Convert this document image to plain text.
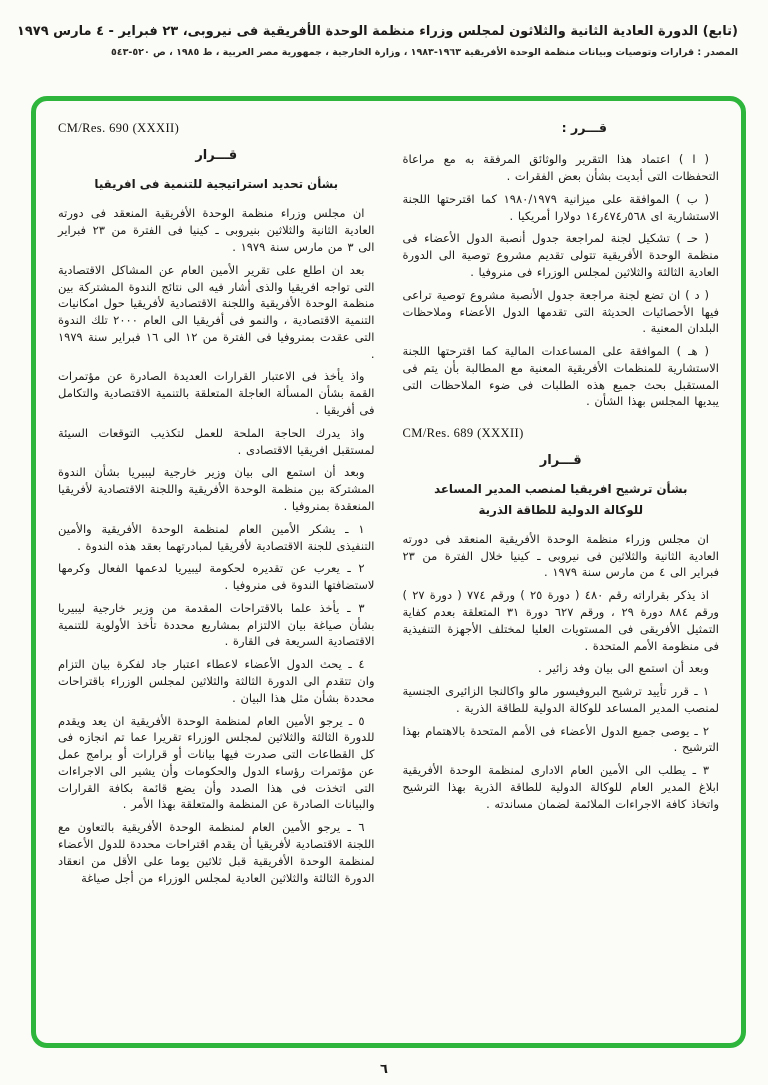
(تابع) الدورة العادية الثانية والثلاثون لمجلس وزراء منظمة الوحدة الأفريقية فى نيروبى، ٢٣ فبراير - ٤ مارس ١٩٧٩
المصدر : قرارات وتوصيات وبيانات منظمة الوحدة الأفريقية ١٩٦٣-١٩٨٣ ، وزارة الخارجية ، جمهورية مصر العربية ، ط ١٩٨٥ ، ص ٥٢٠-٥٤٣
قـــرر :

( ا ) اعتماد هذا التقرير والوثائق المرفقة به مع مراعاة التحفظات التى أبديت بشأن بعض الفقرات .

( ب ) الموافقة على ميزانية ١٩٨٠/١٩٧٩ كما اقترحتها اللجنة الاستشارية اى ٥٦٨ر٤٧٤ر١٤ دولارا أمريكيا .

( حـ ) تشكيل لجنة لمراجعة جدول أنصبة الدول الأعضاء فى منظمة الوحدة الأفريقية تتولى تقديم مشروع توصية الى الدورة العادية الثالثة والثلاثين لمجلس الوزراء فى منروفيا .

( د ) ان تضع لجنة مراجعة جدول الأنصبة مشروع توصية تراعى فيها الأحصائيات الحديثة التى تقدمها الدول الأعضاء وملاحظات البلدان المعنية .

( هـ ) الموافقة على المساعدات المالية كما اقترحتها اللجنة الاستشارية للمنظمات الأفريقية المعنية مع المطالبة بأن يتم فى المستقبل بحث جميع هذه الطلبات فى ضوء الملاحظات التى يبديها المجلس بهذا الشأن .

CM/Res. 689 (XXXII)
قـــرار
بشأن ترشيح افريقيا لمنصب المدير المساعد
للوكالة الدولية للطاقة الذرية

ان مجلس وزراء منظمة الوحدة الأفريقية المنعقد فى دورته العادية الثانية والثلاثين فى نيروبى ـ كينيا خلال الفترة من ٢٣ فبراير الى ٤ من مارس سنة ١٩٧٩ .

اذ يذكر بقراراته رقم ٤٨٠ ( دورة ٢٥ ) ورقم ٧٧٤ ( دورة ٢٧ ) ورقم ٨٨٤ دورة ٢٩ ، ورقم ٦٢٧ دورة ٣١ المتعلقة بعدم كفاية التمثيل الأفريقى فى المستويات العليا لمختلف الأجهزة التنفيذية فى منظومة الأمم المتحدة .

وبعد أن استمع الى بيان وفد زائير .

١ ـ قرر تأييد ترشيح البروفيسور مالو واكالنجا الزائيرى الجنسية لمنصب المدير المساعد للوكالة الدولية للطاقة الذرية .

٢ ـ يوصى جميع الدول الأعضاء فى الأمم المتحدة بالاهتمام بهذا الترشيح .

٣ ـ يطلب الى الأمين العام الادارى لمنظمة الوحدة الأفريقية ابلاغ المدير العام للوكالة الدولية للطاقة الذرية بهذا الترشيح واتخاذ كافة الاجراءات الملائمة لضمان مساندته .

CM/Res. 690 (XXXII)
قـــرار
بشأن تحديد استراتيجية للتنمية فى افريقيا

ان مجلس وزراء منظمة الوحدة الأفريقية المنعقد فى دورته العادية الثانية والثلاثين بنيروبى ـ كينيا فى الفترة من ٢٣ فبراير الى ٣ من مارس سنة ١٩٧٩ .

بعد ان اطلع على تقرير الأمين العام عن المشاكل الاقتصادية التى تواجه افريقيا والذى أشار فيه الى نتائج الندوة المشتركة بين منظمة الوحدة الأفريقية واللجنة الاقتصادية لأفريقيا حول امكانيات التنمية الاقتصادية ، والنمو فى أفريقيا الى العام ٢٠٠٠ تلك الندوة التى عقدت بمنروفيا فى الفترة من ١٢ الى ١٦ فبراير سنة ١٩٧٩ .

واذ يأخذ فى الاعتبار القرارات العديدة الصادرة عن مؤتمرات القمة بشأن المسألة العاجلة المتعلقة بالتنمية الاقتصادية والتكامل فى أفريقيا .

واذ يدرك الحاجة الملحة للعمل لتكذيب التوقعات السيئة لمستقبل افريقيا الاقتصادى .

وبعد أن استمع الى بيان وزير خارجية ليبيريا بشأن الندوة المشتركة بين منظمة الوحدة الأفريقية واللجنة الاقتصادية لأفريقيا المنعقدة بمنروفيا .

١ ـ يشكر الأمين العام لمنظمة الوحدة الأفريقية والأمين التنفيذى للجنة الاقتصادية لأفريقيا لمبادرتهما بعقد هذه الندوة .

٢ ـ يعرب عن تقديره لحكومة ليبيريا لدعمها الفعال وكرمها لاستضافتها الندوة فى منروفيا .

٣ ـ يأخذ علما بالاقتراحات المقدمة من وزير خارجية ليبيريا بشأن صياغة بيان الالتزام بمشاريع محددة تأخذ الأولوية للتنمية الاقتصادية السريعة فى القارة .

٤ ـ يحث الدول الأعضاء لاعطاء اعتبار جاد لفكرة بيان التزام وان تتقدم الى الدورة الثالثة والثلاثين لمجلس الوزراء باقتراحات محددة بشأن مثل هذا البيان .

٥ ـ يرجو الأمين العام لمنظمة الوحدة الأفريقية ان يعد ويقدم للدورة الثالثة والثلاثين لمجلس الوزراء تقريرا عما تم انجازه فى كل القطاعات التى صدرت فيها بيانات أو قرارات أو برامج عمل عن مؤتمرات رؤساء الدول والحكومات وأن يشير الى الاجراءات التى اتخذت فى هذا الصدد وأن يضع قائمة بكافة القرارات والبيانات الصادرة عن المنظمة والمتعلقة بهذا الأمر .

٦ ـ يرجو الأمين العام لمنظمة الوحدة الأفريقية بالتعاون مع اللجنة الاقتصادية لأفريقيا أن يقدم اقتراحات محددة للدول الأعضاء لمنظمة الوحدة الأفريقية قبل ثلاثين يوما على الأقل من انعقاد الدورة الثالثة والثلاثين العادية لمجلس الوزراء من أجل صياغة

٦
